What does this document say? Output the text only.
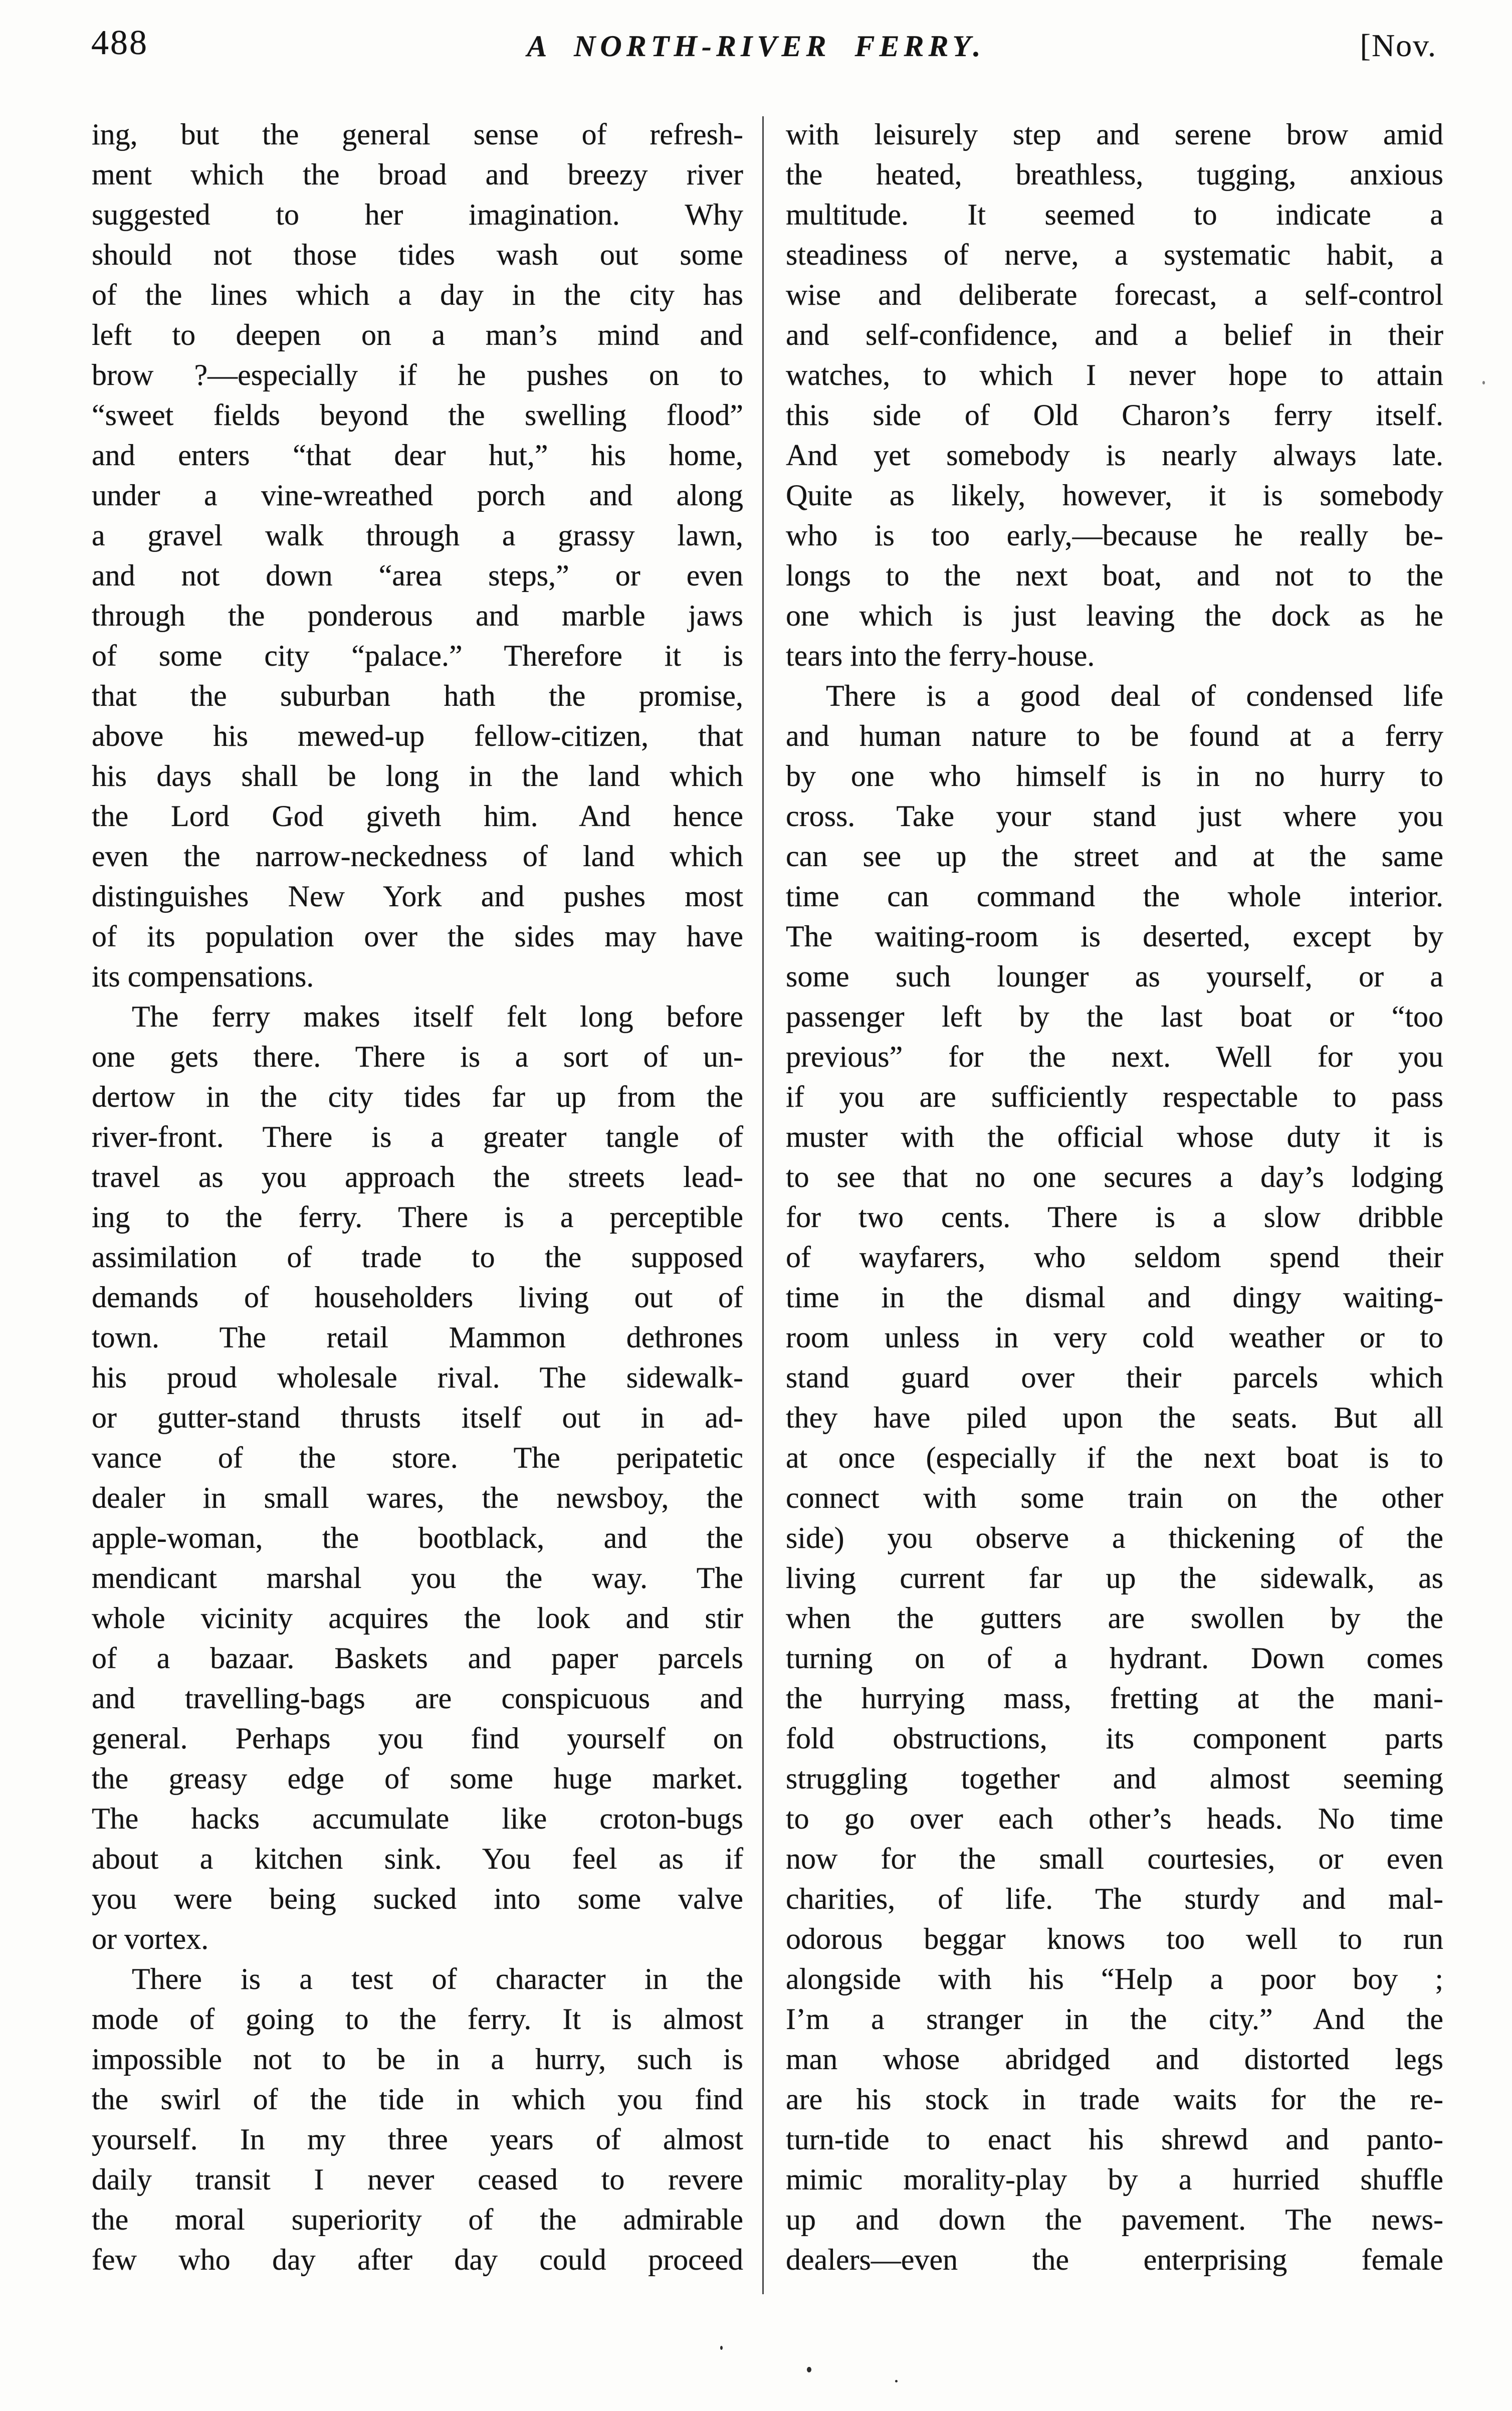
488	A NORTH-RIVER FERRY.	[Nov.
ing, but the general sense of refresh-
ment which the broad and breezy river
suggested to her imagination. Why
should not those tides wash out some
of the lines which a day in the city has
left to deepen on a man’s mind and
brow ?—especially if he pushes on to
“sweet fields beyond the swelling flood”
and enters “that dear hut,” his home,
under a vine-wreathed porch and along
a gravel walk through a grassy lawn,
and not down “area steps,” or even
through the ponderous and marble jaws
of some city “palace.” Therefore it is
that the suburban hath the promise,
above his mewed-up fellow-citizen, that
his days shall be long in the land which
the Lord God giveth him. And hence
even the narrow-neckedness of land which
distinguishes New York and pushes most
of its population over the sides may have
its compensations.
The ferry makes itself felt long before
one gets there. There is a sort of un-
dertow in the city tides far up from the
river-front. There is a greater tangle of
travel as you approach the streets lead-
ing to the ferry. There is a perceptible
assimilation of trade to the supposed
demands of householders living out of
town. The retail Mammon dethrones
his proud wholesale rival. The sidewalk-
or gutter-stand thrusts itself out in ad-
vance of the store. The peripatetic
dealer in small wares, the newsboy, the
apple-woman, the bootblack, and the
mendicant marshal you the way. The
whole vicinity acquires the look and stir
of a bazaar. Baskets and paper parcels
and travelling-bags are conspicuous and
general. Perhaps you find yourself on
the greasy edge of some huge market.
The hacks accumulate like croton-bugs
about a kitchen sink. You feel as if
you were being sucked into some valve
or vortex.
There is a test of character in the
mode of going to the ferry. It is almost
impossible not to be in a hurry, such is
the swirl of the tide in which you find
yourself. In my three years of almost
daily transit I never ceased to revere
the moral superiority of the admirable
few who day after day could proceed
with leisurely step and serene brow amid
the heated, breathless, tugging, anxious
multitude. It seemed to indicate a
steadiness of nerve, a systematic habit, a
wise and deliberate forecast, a self-control
and self-confidence, and a belief in their
watches, to which I never hope to attain
this side of Old Charon’s ferry itself.
And yet somebody is nearly always late.
Quite as likely, however, it is somebody
who is too early,—because he really be-
longs to the next boat, and not to the
one which is just leaving the dock as he
tears into the ferry-house.
There is a good deal of condensed life
and human nature to be found at a ferry
by one who himself is in no hurry to
cross. Take your stand just where you
can see up the street and at the same
time can command the whole interior.
The waiting-room is deserted, except by
some such lounger as yourself, or a
passenger left by the last boat or “too
previous” for the next. Well for you
if you are sufficiently respectable to pass
muster with the official whose duty it is
to see that no one secures a day’s lodging
for two cents. There is a slow dribble
of wayfarers, who seldom spend their
time in the dismal and dingy waiting-
room unless in very cold weather or to
stand guard over their parcels which
they have piled upon the seats. But all
at once (especially if the next boat is to
connect with some train on the other
side) you observe a thickening of the
living current far up the sidewalk, as
when the gutters are swollen by the
turning on of a hydrant. Down comes
the hurrying mass, fretting at the mani-
fold obstructions, its component parts
struggling together and almost seeming
to go over each other’s heads. No time
now for the small courtesies, or even
charities, of life. The sturdy and mal-
odorous beggar knows too well to run
alongside with his “Help a poor boy ;
I’m a stranger in the city.” And the
man whose abridged and distorted legs
are his stock in trade waits for the re-
turn-tide to enact his shrewd and panto-
mimic morality-play by a hurried shuffle
up and down the pavement. The news-
dealers—even the enterprising female
